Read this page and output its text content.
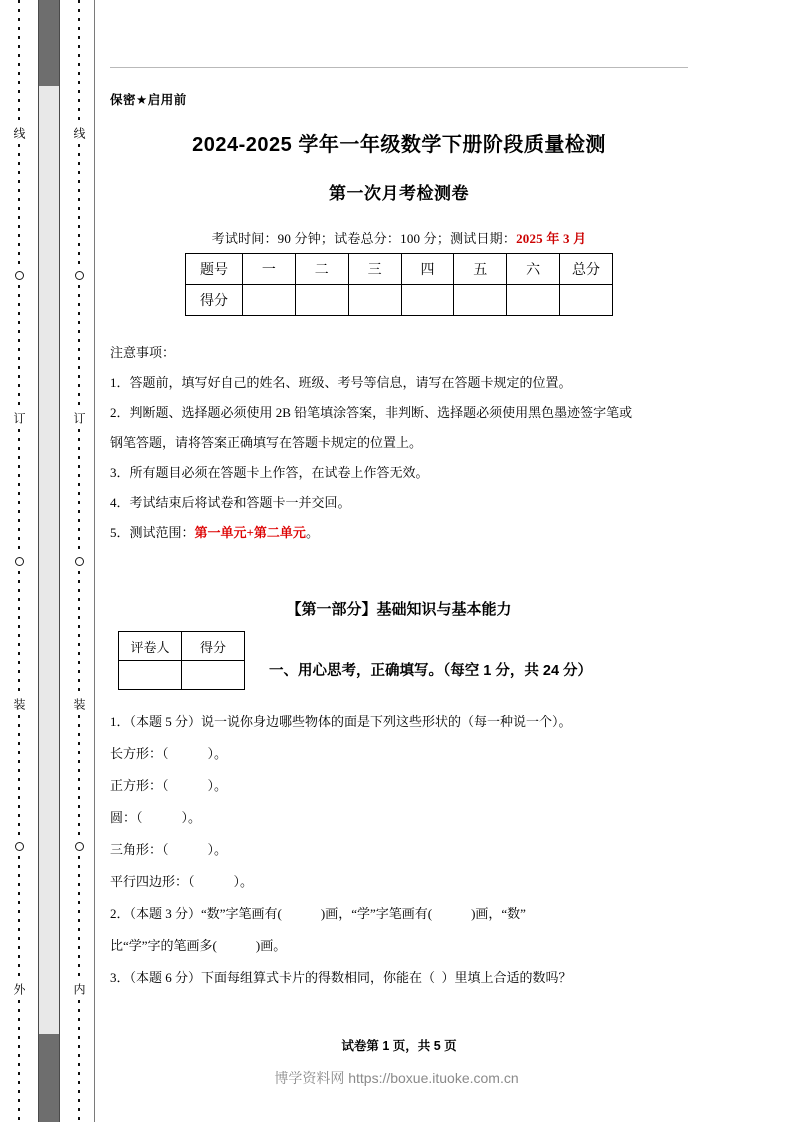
线
订
装
外
线
订
装
内
保密★启用前
2024-2025 学年一年级数学下册阶段质量检测
第一次月考检测卷
考试时间：90 分钟；试卷总分：100 分；测试日期：2025 年 3 月
题号	一	二	三	四	五	六	总分
得分							
注意事项：
1．答题前，填写好自己的姓名、班级、考号等信息，请写在答题卡规定的位置。
2．判断题、选择题必须使用 2B 铅笔填涂答案，非判断、选择题必须使用黑色墨迹签字笔或
钢笔答题，请将答案正确填写在答题卡规定的位置上。
3．所有题目必须在答题卡上作答，在试卷上作答无效。
4．考试结束后将试卷和答题卡一并交回。
5．测试范围：第一单元+第二单元。
【第一部分】基础知识与基本能力
评卷人	得分

一、用心思考，正确填写。（每空 1 分，共 24 分）
1．（本题 5 分）说一说你身边哪些物体的面是下列这些形状的（每一种说一个）。
长方形：（            ）。
正方形：（            ）。
圆：（            ）。
三角形：（            ）。
平行四边形：（            ）。
2．（本题 3 分）“数”字笔画有(            )画，“学”字笔画有(            )画，“数”
比“学”字的笔画多(            )画。
3．（本题 6 分）下面每组算式卡片的得数相同，你能在（  ）里填上合适的数吗？
试卷第 1 页，共 5 页
博学资料网 https://boxue.ituoke.com.cn
